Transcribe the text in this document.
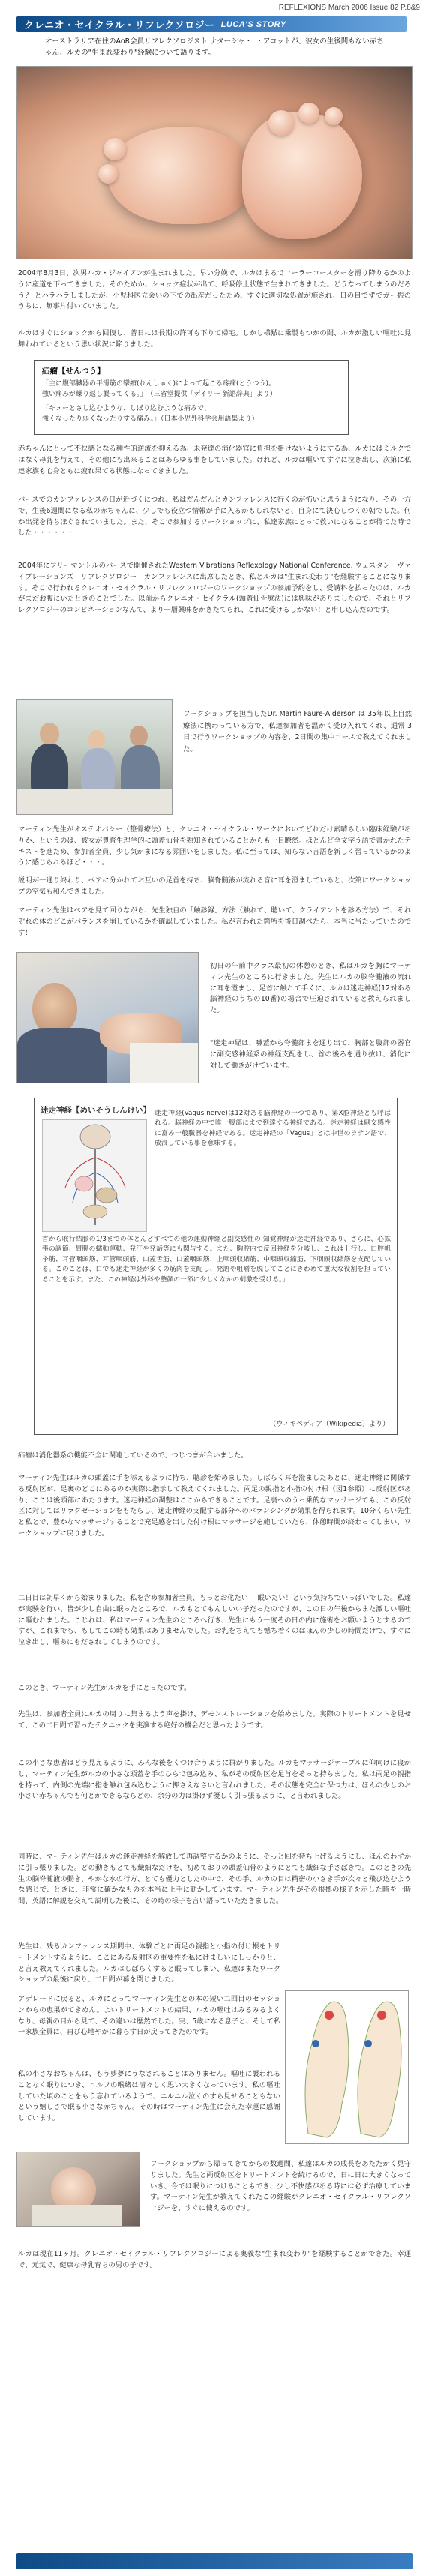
REFLEXIONS March 2006 Issue 82 P.8&9
クレニオ・セイクラル・リフレクソロジー LUCA'S STORY
オーストラリア在住のAoR会員リフレクソロジスト ナターシャ・L・アコットが、彼女の生後間もない赤ちゃん、ルカの"生まれ変わり"経験について語ります。
2004年8月3日、次男ルカ・ジャイアンが生まれました。早い分娩で、ルカはまるでローラーコースターを滑り降りるかのように産道を下ってきました。そのためか、ショック症状が出て、呼吸停止状態で生まれてきました。どうなってしまうのだろう？ とハラハラしましたが、小児科医立会いの下での出産だったため、すぐに適切な処置が施され、日の目でずでガー振のうちに、無事片付いていました。
ルカはすぐにショックから回復し、普日には長期の許可も下りて帰宅。しかし様黙に乗製もつかの間、ルカが激しい嘔吐に見舞われているという思い状況に陥りました。
疝瘤【せんつう】
「主に腹部臓器の平滑筋の攣縮(れんしゅく)によって起こる疼痛(とうつう)。
強い痛みが繰り返し襲ってくる。」　（三省堂提供「デイリー 新語辞典」より）
「キューとさし込むような、しぼり込むような痛みで、
強くなったり弱くなったりする痛み。」（日本小児外科学会用語集より）
赤ちゃんにとって不快感となる種性的逆流を抑える為、未発達の消化器官に負担を掛けないようにする為、ルカにはミルクではなく母乳を与えて、その他にも出来ることはあらゆる事をしていました。けれど、ルカは嘔いてすぐに泣き出し、次第に私達家族も心身ともに疲れ果てる状態になってきました。
バースでのカンファレンスの日が近づくにつれ、私はだんだんとカンファレンスに行くのが怖いと思うようになり、その一方で、生後6週間になる私の赤ちゃんに、少しでも役立つ情報が手に入るかもしれないと、自身にて決心しつくの朝でした。何か出発を待ちほぐされていました。また、そこで参加するワークショップに、私達家族にとって救いになることが待てた時でした・・・・・・
2004年にフリーマントルのバースで開催されたWestern Vibrations Reflexology National Conference, ウェスタン　ヴァイブレーションズ　リフレクソロジー　カンファレンスに出席したとき、私とルカは"生まれ変わり"を経験することになります。そこで行われるクレニオ・セイクラル・リフレクソロジーのワークショップの参加予約をし、受講料を払ったのは、ルカがまだお腹にいたときのことでした。以前からクレニオ・セイクラル(頭蓋仙骨療法)には興味がありましたので、それとリフレクソロジーのコンビネーションなんて、より一層興味をかきたてられ、これに受けるしかない！と申し込んだのです。
ワークショップを担当したDr. Martin Faure-Alderson は 35年以上自然療法に携わっている方で、私達参加者を温かく受け入れてくれ、通常 3日で行うワークショップの内容を、2日間の集中コースで教えてくれました。
マーティン先生がオステオパシー（整骨療法）と、クレニオ・セイクラル・ワークにおいてどれだけ素晴らしい臨床経験がありか、というのは、彼女が豊育生理学的に頭蓋仙骨を熟知されていることからも一目瞭然。ほとんど全文字う語で書かれたテキストを進ため、参加者全員、少し気がまになる雰囲いをしました。私に至っては、知らない言語を新しく習っているかのように感じられるほど・・・。
説明が一通り終わり、ペアに分かれてお互いの足首を持ち、脳脊髄液が流れる音に耳を澄ましていると、次第にワークショップの空気も和んできました。
マーティン先生はペアを見て回りながら、先生独自の「触診録」方法（触れて、聴いて、クライアントを診る方法）で、それぞれの体のどこがバランスを崩しているかを確認していました。私が言われた箇所を後日調べたら、本当に当たっていたのです！
初日の午前中クラス最初の休憩のとき、私はルカを胸にマーティン先生のところに行きました。先生はルカの脳脊髄液の流れに耳を澄まし、足首に触れて手くに、ルカは迷走神経(12対ある脳神経のうちの10番)の場合で圧迫されていると教えられました。
"迷走神経は、嚥蓋から脊髄部まを通り出て、胸部と腹部の器官に副交感神経系の神経支配をし、首の後ろを通り抜け、消化に対して働きがけています。
迷走神経【めいそうしんけい】 迷走神経(Vagus nerve)は12対ある脳神経の一つであり、第X脳神経とも呼ばれる。脳神経の中で唯一腹部にまで到達する神経である。迷走神経は副交感性に富み一般臓器を神経である。迷走神経の「Vagus」とは中世のラテン語で、放浪している事を意味する。
首から喉行結脈の1/3までの体とんどすべての他の運動神経と副交感性の 知覚神経が迷走神経であり、さらに、心拡張の調節、胃腸の蠕動運動、発汗や発話等にも関与する。また、胸腔内で反回神経を分岐し、これは上行し、口腔帆挙筋、耳管咽頭筋、耳管咽頭筋、口蓋舌筋、口蓋咽頭筋、上咽頭収縮筋、中咽頭収縮筋、下咽頭収縮筋を支配している。このことは、口でも迷走神経が多くの筋肉を支配し、発語や咀嚼を脱してことにきわめて重大な役割を担っていることを示す。また、この神経は外科や整顔の一節に少しくなかの刺激を受ける。」
（ウィキペディア（Wikipedia）より）
疝瘤は消化器系の機能不全に関連しているので、つじつまが合いました。
マーティン先生はルカの頭蓋に手を添えるように持ち、聴診を始めました。しばらく耳を澄ましたあとに、迷走神経に関係する反射区が、足裏のどこにあるのか実際に指示して教えてくれました。両足の親指と小指の付け根（図1参照）に反射区があり、ここは後頭部にあたります。迷走神経の調整はここからできることです。足裏へのうっ乗的なマッサージでも、この反射区に対してはリラクゼーションをもたらし、迷走神経の支配する部分へのバランシングが効果を得られます。10分くらい先生と私とで、豊かなマッサージすることで充足感を出した付け根にマッサージを施していたら、休憩時間が終わってしまい、ワークショップに戻りました。
二日目は朝早くから始まりました。私を含め参加者全員、もっとお化たい！ 眠いたい！という気持ちでいっぱいでした。私達が実験を行い、皆が少し自由に眠ったところで、ルカもとてもんしいい子だったのですが、この日の午後からまた激しい嘔吐に嘔むれました。こじれは、私はマーティン先生のところへ行き、先生にもう一度その日の内に施術をお願いようとするのですが、これまでも、もしてこの時も効果はありませんでした。お乳をちえても憾ち着くのはほんの少しの時間だけで、すぐに泣き出し、嘔あにもだされしてしまうのです。
このとき、マーティン先生がルカを手にとったのです。
先生は、参加者全員にルカの周りに集まるよう声を掛け、デモンストレーションを始めました。実際のトリートメントを見せて、この二日間で習ったテクニックを実演する絶好の機会だと思ったようです。
この小さな患者はどう見えるように、みんな後をくつけ合うように群がりました。ルカをマッサージテーブルに仰向けに寝かし、マーティン先生がルカの小さな頭蓋を手のひらで包み込み、私がその反射区を足首をそっと持ちました。私は両足の親指を持って、内側の先端に指を触れ包み込むように押さえなさいと言われました。その状態を完全に保つ力は、ほんの少しのお小さい赤ちゃんでも何とかできるならどの、余分の力は掛けず優しく引っ張るように、と言われました。
同時に、マーティン先生はルカの迷走神経を解放して再調整するかのように、そっと回を持ち上げるようにし、ほんのわずかに引っ張りました。どの動きもとても繊細なだけを、初めておりの頭蓋仙骨のようにとても繊細な手さばきで。このときの先生の脳脊髄液の動き、やかな水の行方、とても優力としたの中で、その手、ルカの目は精密の小さき手が次々と飛び込むような感じで、ときに、非常に確かなものを本当に上手に動かしています。マーティン先生がその根拠の様子を示した時を一時間、英語に解説を交えて説明した後に、その時の様子を言い語っていただきました。
先生は、残るカンファレンス期間中、体験ごとに両足の親指と小指の付け根をトリートメントするように、ここにある反射区の重要性を私にけましいにしっかりと、と言え教えてくれました。ルカはしばらくすると眠ってしまい、私達はまたワークショップの最後に戻り、二日間が幕を閉じました。
アデレードに戻ると、ルカにとってマーティン先生との本の短い二回目のセッションからの恵果がてきめん。よいトリートメントの結果、ルカの嘔吐はみるみるよくなり、母親の目から見て、その違いは歴然でした。実、5歳になる息子と、そして私一家族全員に、再び心地やかに暮らす日が戻ってきたのです。
私の小さなおちゃんは、もう夢夢にうなされることはありません。嘔吐に襲われることなく眠りにつき、ニルフの喉緒は清々しく思い大きくなっています。私の嘔吐していた頃のことをもう忘れているようで、ニルニル泣くのすら見せることもないという嬉しさで眠る小さな赤ちゃん。その時はマーティン先生に会えた幸運に感謝しています。
ワークショップから帰ってきてからの数週間、私達はルカの成長をあたたかく見守りました。先生と両反射区をトリートメントを続けるので、日に日に大きくなっていき、今では眠りにつけることもでき、少し不快感がある時には必ず治療しています。マーティン先生が教えてくれたこの経験がクレニオ・セイクラル・リフレクソロジーを、すぐに使えるのです。
ルカは現在11ヶ月。クレニオ・セイクラル・リフレクソロジーによる奥義な"生まれ変わり"を経験することができた。幸運で、元気で、健康な母乳育ちの男の子です。
